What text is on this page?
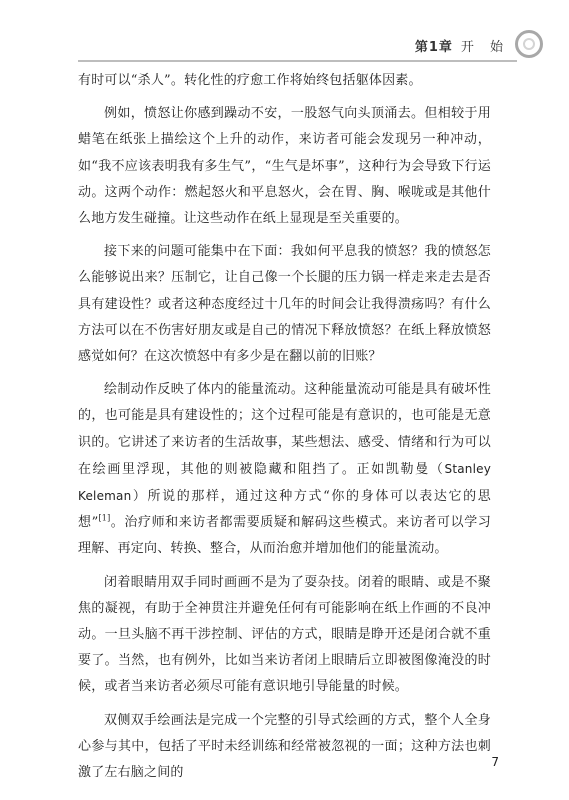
第1章 开 始

有时可以“杀人”。转化性的疗愈工作将始终包括躯体因素。

例如，愤怒让你感到躁动不安，一股怒气向头顶涌去。但相较于用蜡笔在纸张上描绘这个上升的动作，来访者可能会发现另一种冲动，如“我不应该表明我有多生气”，“生气是坏事”，这种行为会导致下行运动。这两个动作：燃起怒火和平息怒火，会在胃、胸、喉咙或是其他什么地方发生碰撞。让这些动作在纸上显现是至关重要的。

接下来的问题可能集中在下面：我如何平息我的愤怒？我的愤怒怎么能够说出来？压制它，让自己像一个长腿的压力锅一样走来走去是否具有建设性？或者这种态度经过十几年的时间会让我得溃疡吗？有什么方法可以在不伤害好朋友或是自己的情况下释放愤怒？在纸上释放愤怒感觉如何？在这次愤怒中有多少是在翻以前的旧账？

绘制动作反映了体内的能量流动。这种能量流动可能是具有破坏性的，也可能是具有建设性的；这个过程可能是有意识的，也可能是无意识的。它讲述了来访者的生活故事，某些想法、感受、情绪和行为可以在绘画里浮现，其他的则被隐藏和阻挡了。正如凯勒曼（Stanley Keleman）所说的那样，通过这种方式“你的身体可以表达它的思想”[1]。治疗师和来访者都需要质疑和解码这些模式。来访者可以学习理解、再定向、转换、整合，从而治愈并增加他们的能量流动。

闭着眼睛用双手同时画画不是为了耍杂技。闭着的眼睛、或是不聚焦的凝视，有助于全神贯注并避免任何有可能影响在纸上作画的不良冲动。一旦头脑不再干涉控制、评估的方式，眼睛是睁开还是闭合就不重要了。当然，也有例外，比如当来访者闭上眼睛后立即被图像淹没的时候，或者当来访者必须尽可能有意识地引导能量的时候。

双侧双手绘画法是完成一个完整的引导式绘画的方式，整个人全身心参与其中，包括了平时未经训练和经常被忽视的一面；这种方法也刺激了左右脑之间的

7
